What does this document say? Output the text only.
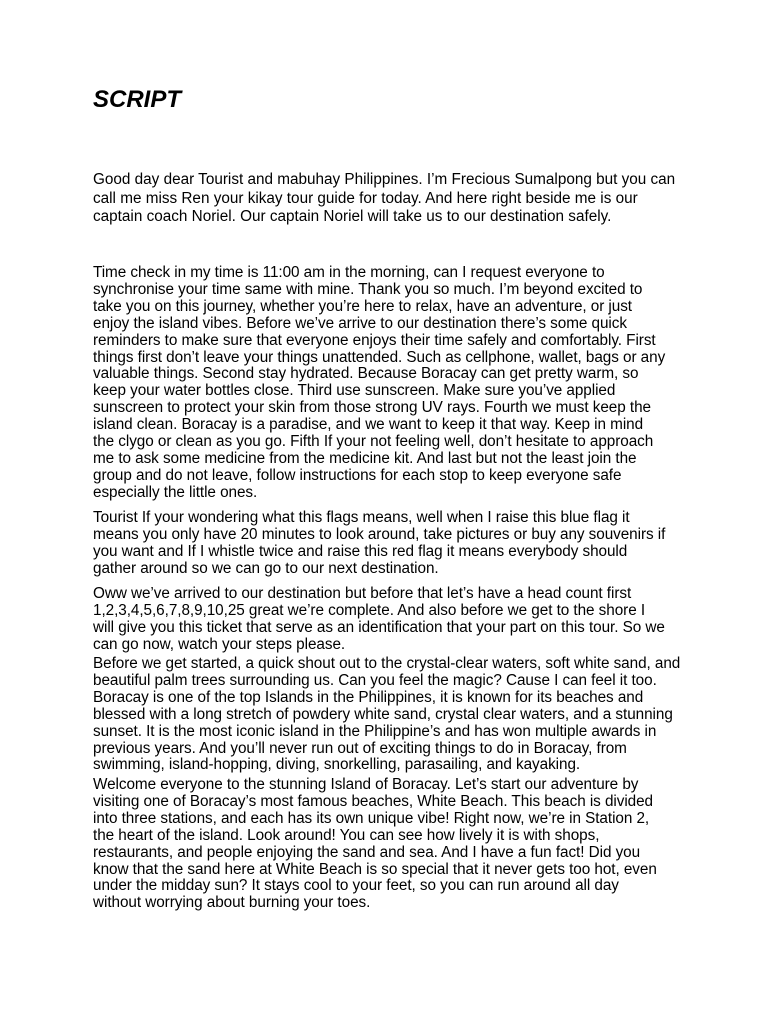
SCRIPT

Good day dear Tourist and mabuhay Philippines. I’m Frecious Sumalpong but you can call me miss Ren your kikay tour guide for today. And here right beside me is our captain coach Noriel. Our captain Noriel will take us to our destination safely.

Time check in my time is 11:00 am in the morning, can I request everyone to synchronise your time same with mine. Thank you so much. I’m beyond excited to take you on this journey, whether you’re here to relax, have an adventure, or just enjoy the island vibes. Before we’ve arrive to our destination there’s some quick reminders to make sure that everyone enjoys their time safely and comfortably. First things first don’t leave your things unattended. Such as cellphone, wallet, bags or any valuable things. Second stay hydrated. Because Boracay can get pretty warm, so keep your water bottles close. Third use sunscreen. Make sure you’ve applied sunscreen to protect your skin from those strong UV rays. Fourth we must keep the island clean. Boracay is a paradise, and we want to keep it that way. Keep in mind the clygo or clean as you go. Fifth If your not feeling well, don’t hesitate to approach me to ask some medicine from the medicine kit. And last but not the least join the group and do not leave, follow instructions for each stop to keep everyone safe especially the little ones.

Tourist If your wondering what this flags means, well when I raise this blue flag it means you only have 20 minutes to look around, take pictures or buy any souvenirs if you want and If I whistle twice and raise this red flag it means everybody should gather around so we can go to our next destination.

Oww we’ve arrived to our destination but before that let’s have a head count first 1,2,3,4,5,6,7,8,9,10,25 great we’re complete. And also before we get to the shore I will give you this ticket that serve as an identification that your part on this tour. So we can go now, watch your steps please.

Before we get started, a quick shout out to the crystal-clear waters, soft white sand, and beautiful palm trees surrounding us. Can you feel the magic? Cause I can feel it too. Boracay is one of the top Islands in the Philippines, it is known for its beaches and blessed with a long stretch of powdery white sand, crystal clear waters, and a stunning sunset. It is the most iconic island in the Philippine’s and has won multiple awards in previous years. And you’ll never run out of exciting things to do in Boracay, from swimming, island-hopping, diving, snorkelling, parasailing, and kayaking.

Welcome everyone to the stunning Island of Boracay. Let’s start our adventure by visiting one of Boracay’s most famous beaches, White Beach. This beach is divided into three stations, and each has its own unique vibe! Right now, we’re in Station 2, the heart of the island. Look around! You can see how lively it is with shops, restaurants, and people enjoying the sand and sea. And I have a fun fact! Did you know that the sand here at White Beach is so special that it never gets too hot, even under the midday sun? It stays cool to your feet, so you can run around all day without worrying about burning your toes.
